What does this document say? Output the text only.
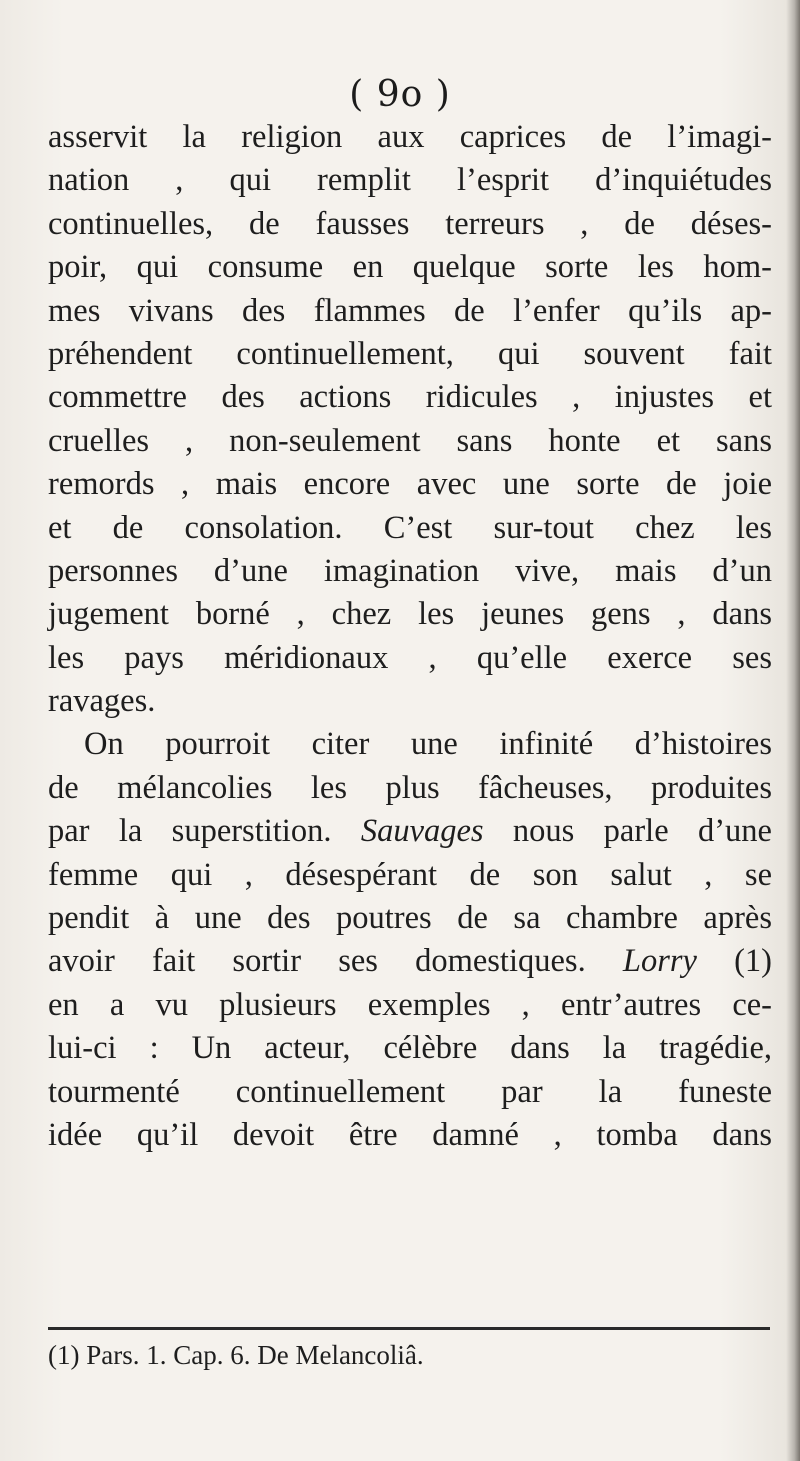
( 9o )
asservit la religion aux caprices de l’imagi-
nation , qui remplit l’esprit d’inquiétudes
continuelles, de fausses terreurs , de déses-
poir, qui consume en quelque sorte les hom-
mes vivans des flammes de l’enfer qu’ils ap-
préhendent continuellement, qui souvent fait
commettre des actions ridicules , injustes et
cruelles , non-seulement sans honte et sans
remords , mais encore avec une sorte de joie
et de consolation. C’est sur-tout chez les
personnes d’une imagination vive, mais d’un
jugement borné , chez les jeunes gens , dans
les pays méridionaux , qu’elle exerce ses
ravages.
On pourroit citer une infinité d’histoires
de mélancolies les plus fâcheuses, produites
par la superstition. Sauvages nous parle d’une
femme qui , désespérant de son salut , se
pendit à une des poutres de sa chambre après
avoir fait sortir ses domestiques. Lorry (1)
en a vu plusieurs exemples , entr’autres ce-
lui-ci : Un acteur, célèbre dans la tragédie,
tourmenté continuellement par la funeste
idée qu’il devoit être damné , tomba dans
(1) Pars. 1. Cap. 6. De Melancoliâ.
